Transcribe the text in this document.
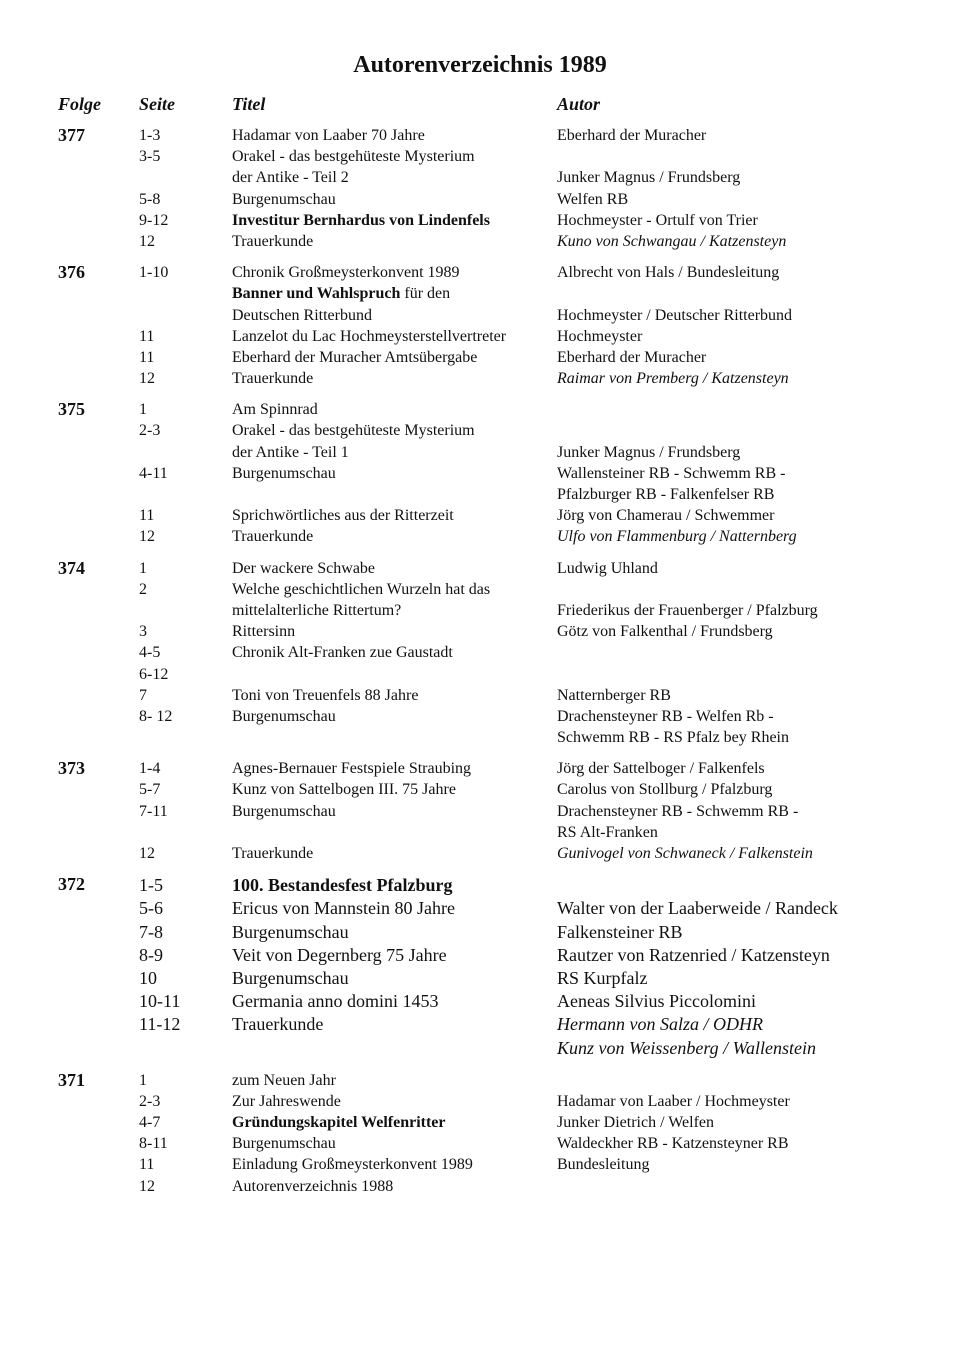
Autorenverzeichnis 1989
Folge Seite	Titel	Autor
377	1-3	Hadamar von Laaber 70 Jahre	Eberhard der Muracher
3-5	Orakel - das bestgehüteste Mysterium
der Antike - Teil 2	Junker Magnus / Frundsberg
5-8	Burgenumschau	Welfen RB
9-12	Investitur Bernhardus von Lindenfels	Hochmeyster - Ortulf von Trier
12	Trauerkunde	Kuno von Schwangau / Katzensteyn
376	1-10	Chronik Großmeysterkonvent 1989	Albrecht von Hals / Bundesleitung
Banner und Wahlspruch für den
Deutschen Ritterbund	Hochmeyster / Deutscher Ritterbund
11	Lanzelot du Lac Hochmeysterstellvertreter	Hochmeyster
11	Eberhard der Muracher Amtsübergabe	Eberhard der Muracher
12	Trauerkunde	Raimar von Premberg / Katzensteyn
375	1	Am Spinnrad
2-3	Orakel - das bestgehüteste Mysterium
der Antike - Teil 1	Junker Magnus / Frundsberg
4-11	Burgenumschau	Wallensteiner RB - Schwemm RB -
Pfalzburger RB - Falkenfelser RB
11	Sprichwörtliches aus der Ritterzeit	Jörg von Chamerau / Schwemmer
12	Trauerkunde	Ulfo von Flammenburg / Natternberg
374	1	Der wackere Schwabe	Ludwig Uhland
2	Welche geschichtlichen Wurzeln hat das
mittelalterliche Rittertum?	Friederikus der Frauenberger / Pfalzburg
3	Rittersinn	Götz von Falkenthal / Frundsberg
4-5	Chronik Alt-Franken zue Gaustadt
6-12
7	Toni von Treuenfels 88 Jahre	Natternberger RB
8- 12	Burgenumschau	Drachensteyner RB - Welfen Rb -
Schwemm RB - RS Pfalz bey Rhein
373	1-4	Agnes-Bernauer Festspiele Straubing	Jörg der Sattelboger / Falkenfels
5-7	Kunz von Sattelbogen III. 75 Jahre	Carolus von Stollburg / Pfalzburg
7-11	Burgenumschau	Drachensteyner RB - Schwemm RB -
RS Alt-Franken
12	Trauerkunde	Gunivogel von Schwaneck / Falkenstein
372	1-5	100. Bestandesfest Pfalzburg
5-6	Ericus von Mannstein 80 Jahre	Walter von der Laaberweide / Randeck
7-8	Burgenumschau	Falkensteiner RB
8-9	Veit von Degernberg 75 Jahre	Rautzer von Ratzenried / Katzensteyn
10	Burgenumschau	RS Kurpfalz
10-11	Germania anno domini 1453	Aeneas Silvius Piccolomini
11-12	Trauerkunde	Hermann von Salza / ODHR
Kunz von Weissenberg / Wallenstein
371	1	zum Neuen Jahr
2-3	Zur Jahreswende	Hadamar von Laaber / Hochmeyster
4-7	Gründungskapitel Welfenritter	Junker Dietrich / Welfen
8-11	Burgenumschau	Waldeckher RB - Katzensteyner RB
11	Einladung Großmeysterkonvent 1989	Bundesleitung
12	Autorenverzeichnis 1988
